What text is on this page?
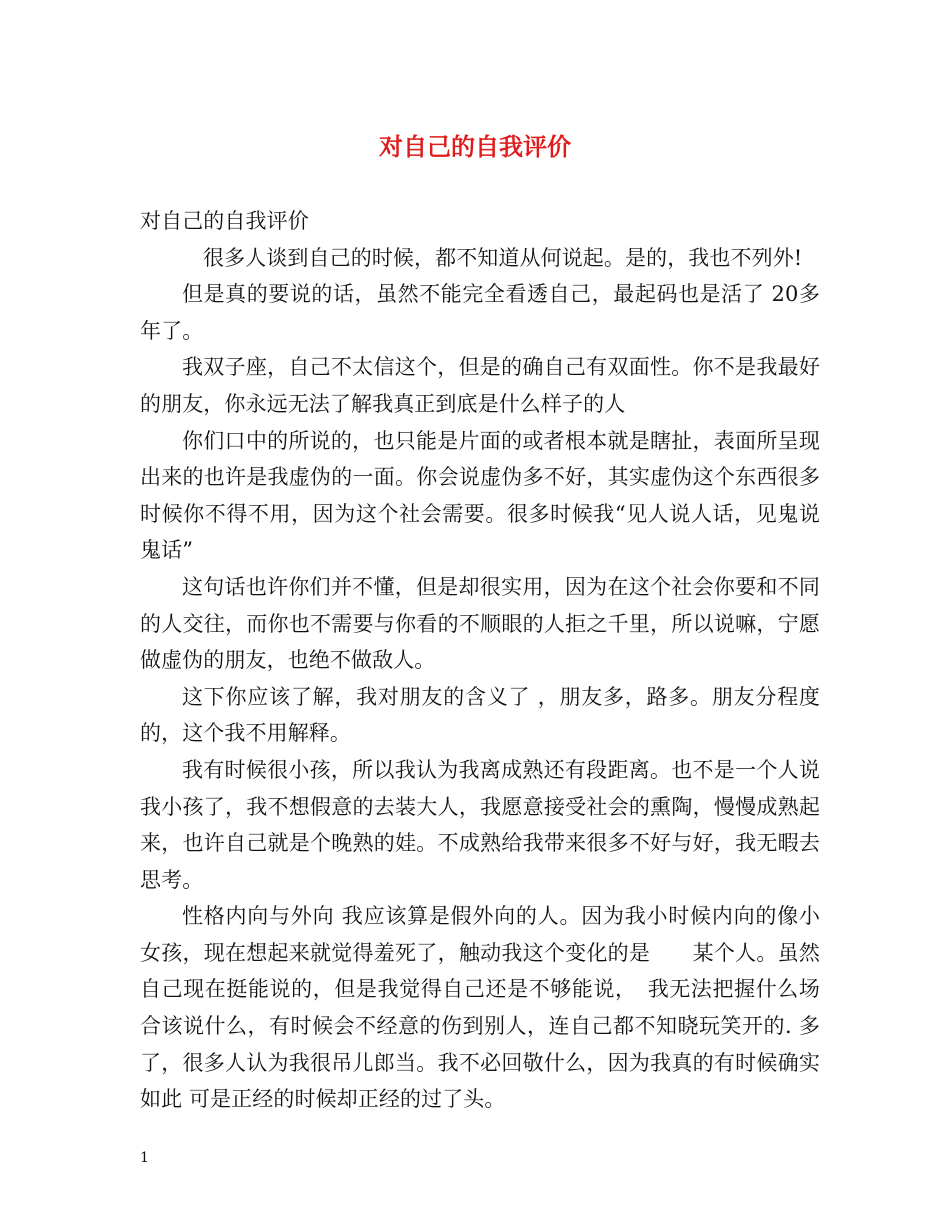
对自己的自我评价

对自己的自我评价

很多人谈到自己的时候，都不知道从何说起。是的，我也不列外!

但是真的要说的话，虽然不能完全看透自己，最起码也是活了 20多年了。

我双子座，自己不太信这个，但是的确自己有双面性。你不是我最好的朋友，你永远无法了解我真正到底是什么样子的人

你们口中的所说的，也只能是片面的或者根本就是瞎扯，表面所呈现出来的也许是我虚伪的一面。你会说虚伪多不好，其实虚伪这个东西很多时候你不得不用，因为这个社会需要。很多时候我“见人说人话，见鬼说鬼话”

这句话也许你们并不懂，但是却很实用，因为在这个社会你要和不同的人交往，而你也不需要与你看的不顺眼的人拒之千里，所以说嘛，宁愿做虚伪的朋友，也绝不做敌人。

这下你应该了解，我对朋友的含义了 ，朋友多，路多。朋友分程度的，这个我不用解释。

我有时候很小孩，所以我认为我离成熟还有段距离。也不是一个人说我小孩了，我不想假意的去装大人，我愿意接受社会的熏陶，慢慢成熟起来，也许自己就是个晚熟的娃。不成熟给我带来很多不好与好，我无暇去思考。

性格内向与外向 我应该算是假外向的人。因为我小时候内向的像小女孩，现在想起来就觉得羞死了，触动我这个变化的是　　某个人。虽然自己现在挺能说的，但是我觉得自己还是不够能说，　我无法把握什么场合该说什么，有时候会不经意的伤到别人，连自己都不知晓玩笑开的. 多了，很多人认为我很吊儿郎当。我不必回敬什么，因为我真的有时候确实如此 可是正经的时候却正经的过了头。

1
